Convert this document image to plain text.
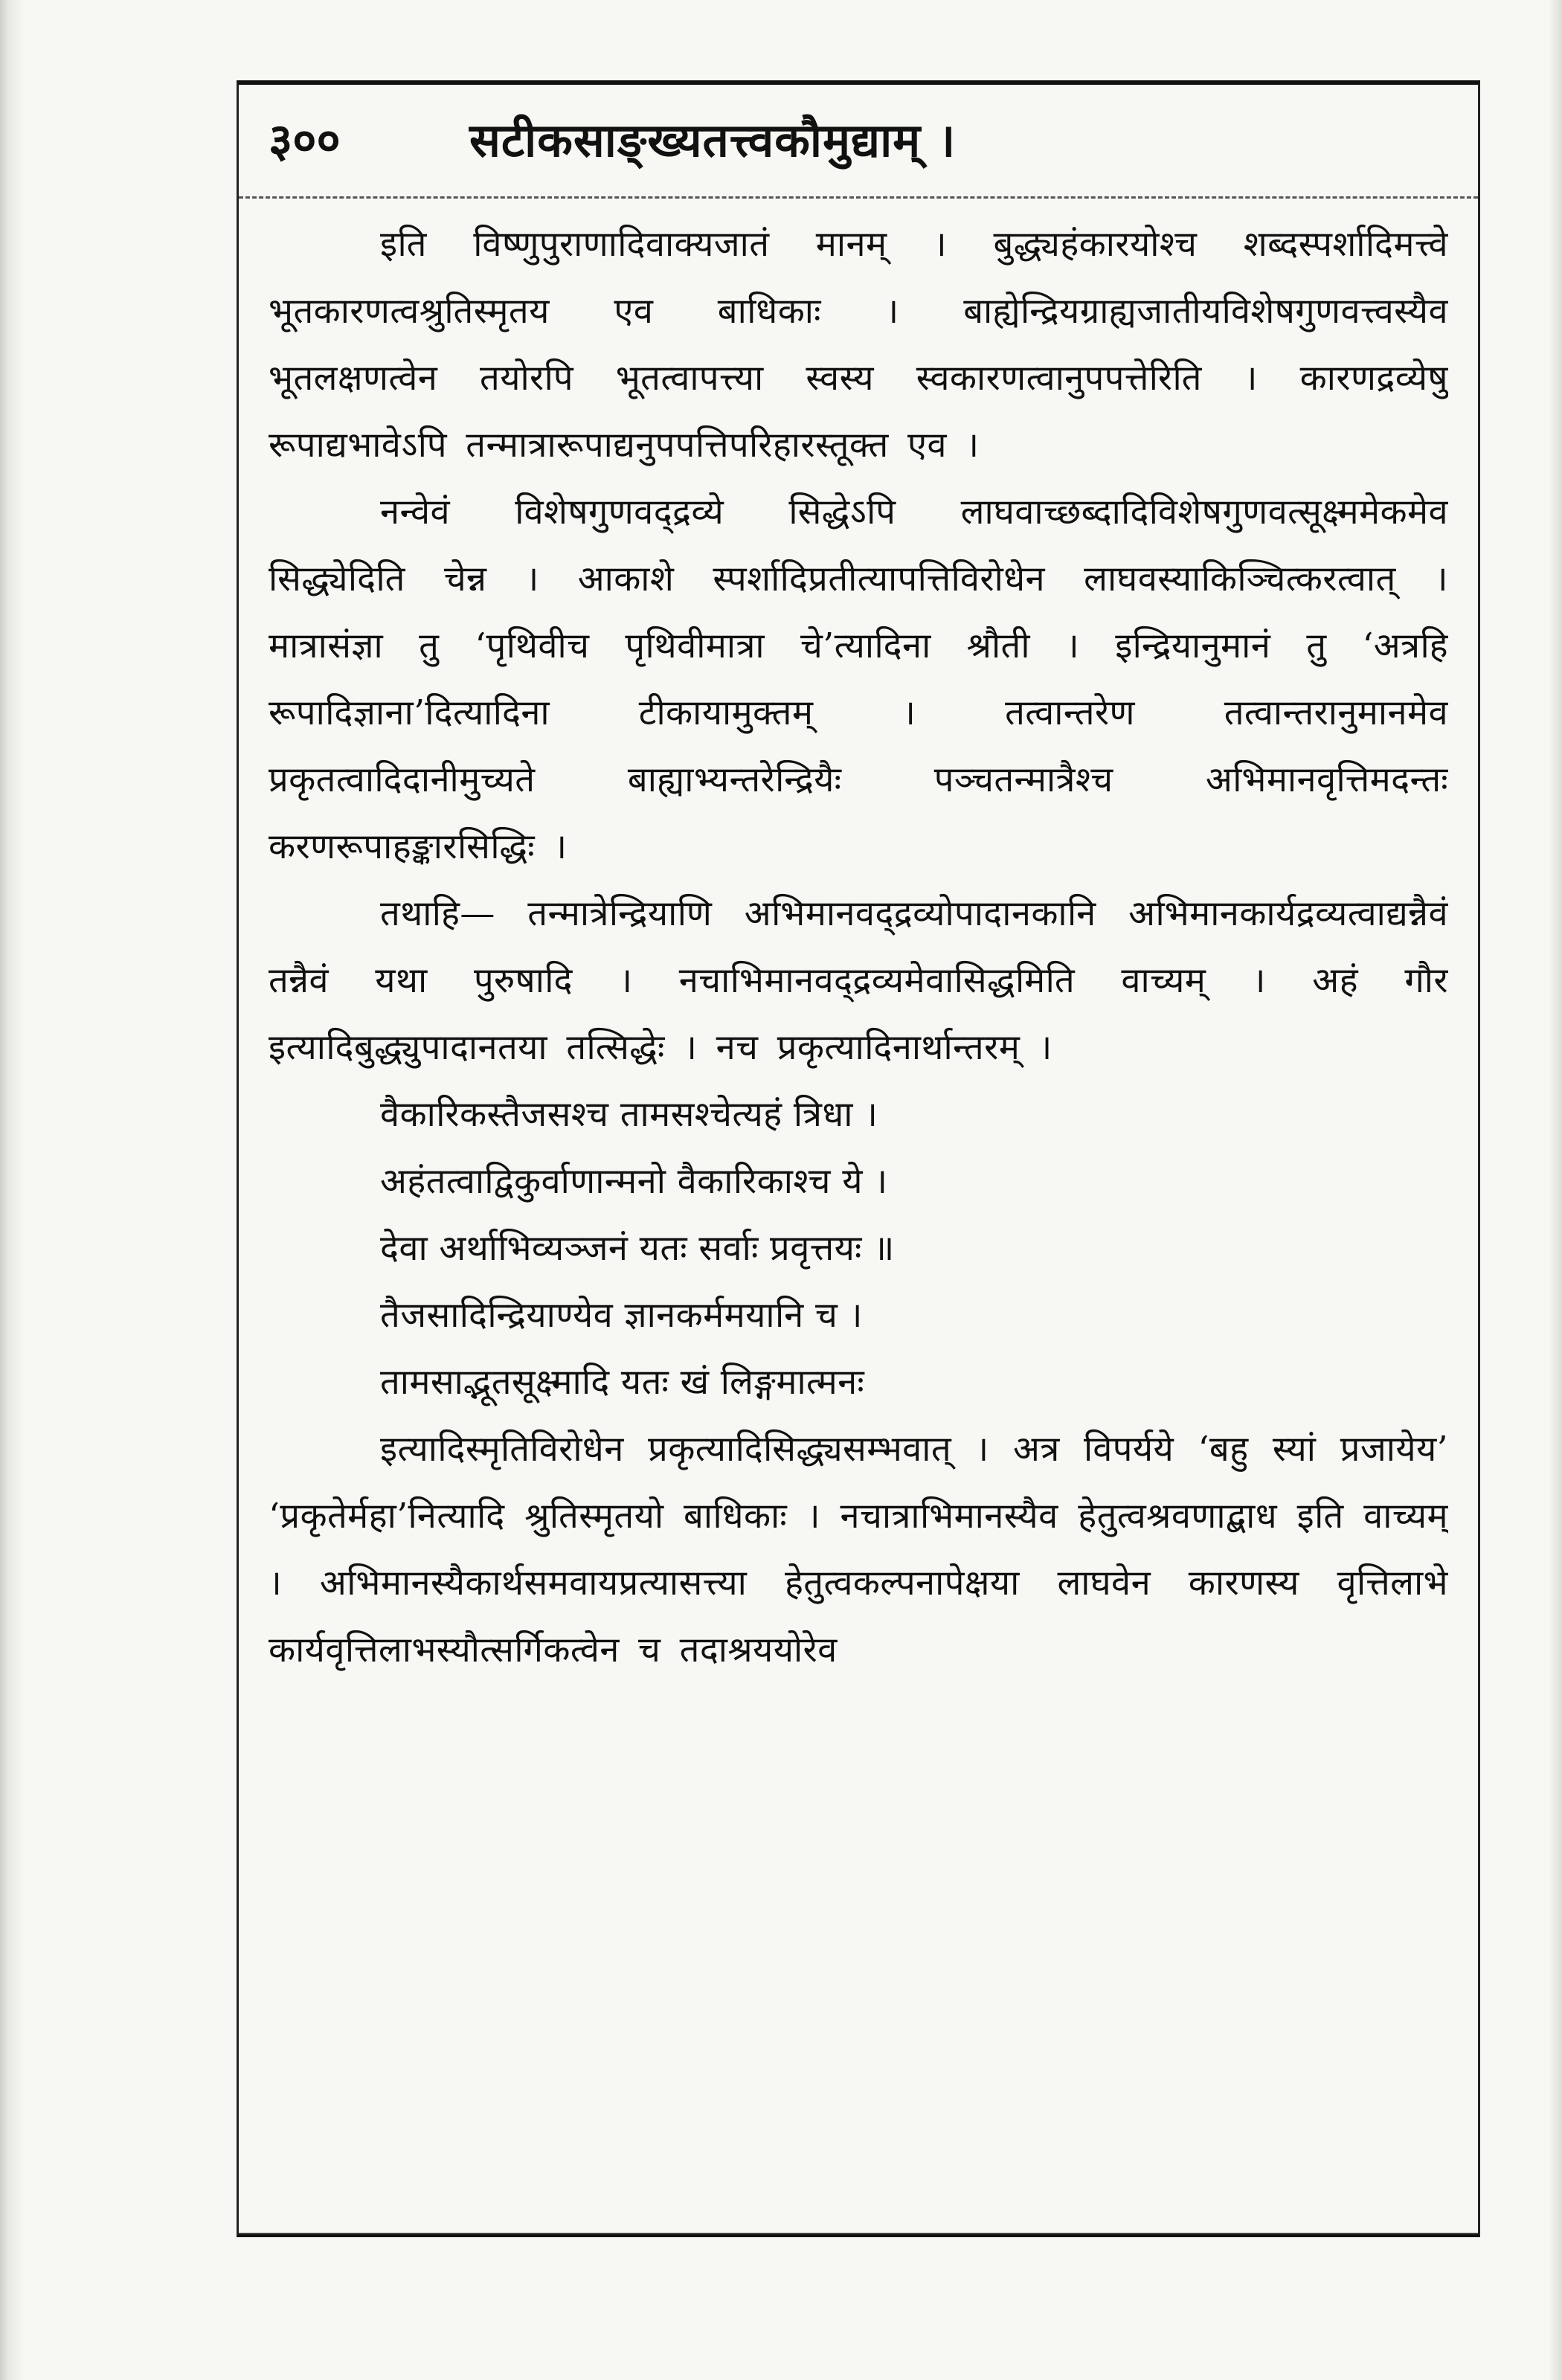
३००	सटीकसाङ्ख्यतत्त्वकौमुद्याम् ।

इति विष्णुपुराणादिवाक्यजातं मानम् । बुद्ध्यहंकारयोश्च शब्दस्पर्शादिमत्त्वे भूतकारणत्वश्रुतिस्मृतय एव बाधिकाः । बाह्येन्द्रियग्राह्यजातीयविशेषगुणवत्त्वस्यैव भूतलक्षणत्वेन तयोरपि भूतत्वापत्त्या स्वस्य स्वकारणत्वानुपपत्तेरिति । कारणद्रव्येषु रूपाद्यभावेऽपि तन्मात्रारूपाद्यनुपपत्तिपरिहारस्तूक्त एव ।

नन्वेवं विशेषगुणवद्द्रव्ये सिद्धेऽपि लाघवाच्छब्दादिविशेषगुणवत्सूक्ष्ममेकमेव सिद्ध्येदिति चेन्न । आकाशे स्पर्शादिप्रतीत्यापत्तिविरोधेन लाघवस्याकिञ्चित्करत्वात् । मात्रासंज्ञा तु ‘पृथिवीच पृथिवीमात्रा चे’त्यादिना श्रौती । इन्द्रियानुमानं तु ‘अत्रहि रूपादिज्ञाना’दित्यादिना टीकायामुक्तम् । तत्वान्तरेण तत्वान्तरानुमानमेव प्रकृतत्वादिदानीमुच्यते बाह्याभ्यन्तरेन्द्रियैः पञ्चतन्मात्रैश्च अभिमानवृत्तिमदन्तः करणरूपाहङ्कारसिद्धिः ।

तथाहि— तन्मात्रेन्द्रियाणि अभिमानवद्द्रव्योपादानकानि अभिमानकार्यद्रव्यत्वाद्यन्नैवं तन्नैवं यथा पुरुषादि । नचाभिमानवद्द्रव्यमेवासिद्धमिति वाच्यम् । अहं गौर इत्यादिबुद्ध्युपादानतया तत्सिद्धेः । नच प्रकृत्यादिनार्थान्तरम् ।

वैकारिकस्तैजसश्च तामसश्चेत्यहं त्रिधा ।
अहंतत्वाद्विकुर्वाणान्मनो वैकारिकाश्च ये ।
देवा अर्थाभिव्यञ्जनं यतः सर्वाः प्रवृत्तयः ॥
तैजसादिन्द्रियाण्येव ज्ञानकर्ममयानि च ।
तामसाद्भूतसूक्ष्मादि यतः खं लिङ्गमात्मनः

इत्यादिस्मृतिविरोधेन प्रकृत्यादिसिद्ध्यसम्भवात् । अत्र विपर्यये ‘बहु स्यां प्रजायेय’ ‘प्रकृतेर्महा’नित्यादि श्रुतिस्मृतयो बाधिकाः । नचात्राभिमानस्यैव हेतुत्वश्रवणाद्बाध इति वाच्यम् । अभिमानस्यैकार्थसमवायप्रत्यासत्त्या हेतुत्वकल्पनापेक्षया लाघवेन कारणस्य वृत्तिलाभे कार्यवृत्तिलाभस्यौत्सर्गिकत्वेन च तदाश्रययोरेव
